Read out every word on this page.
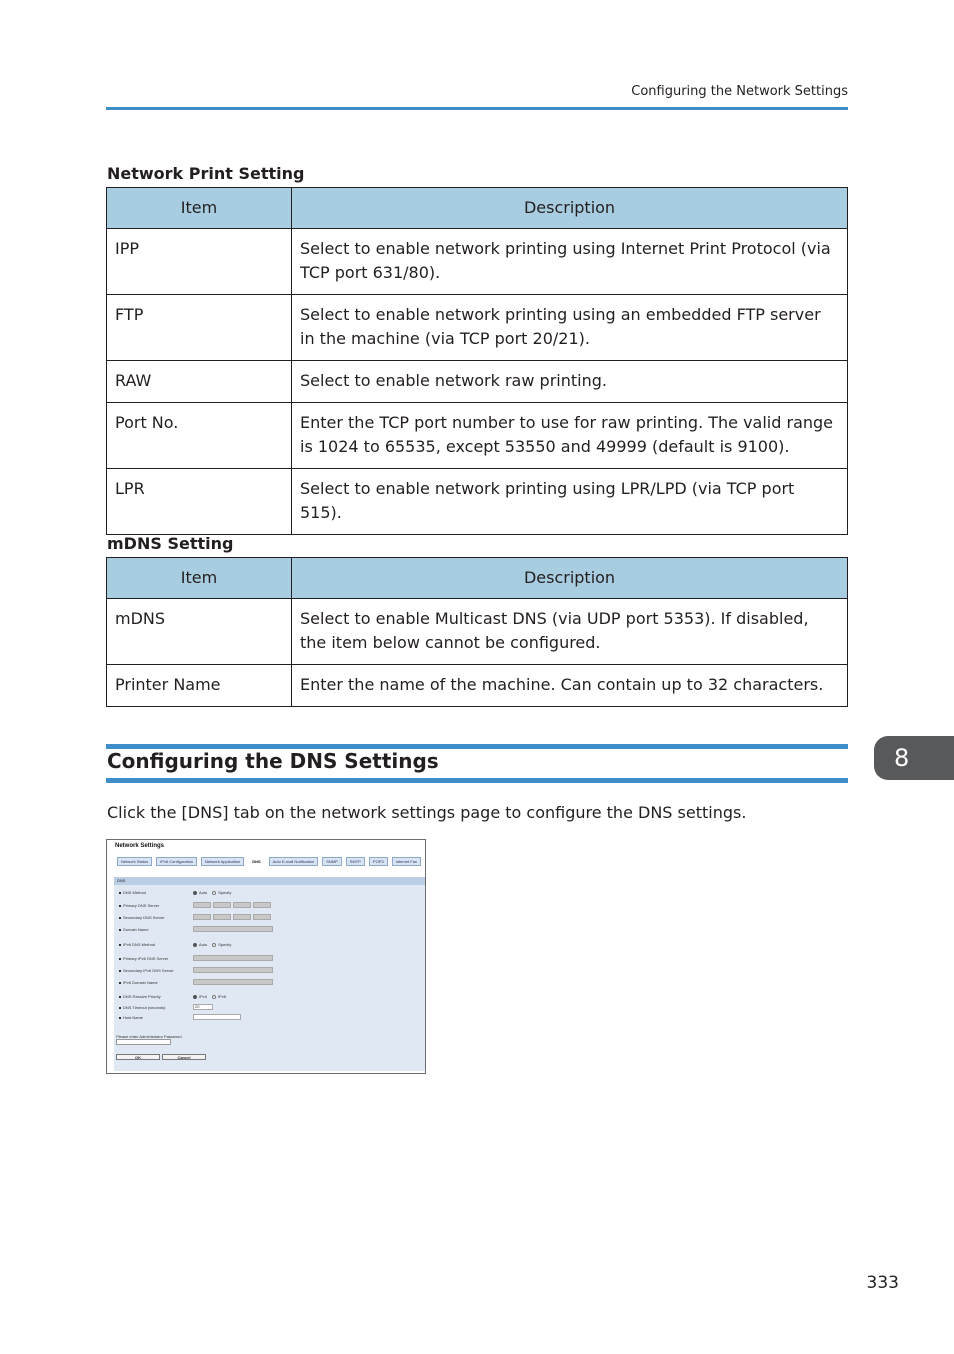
Configuring the Network Settings
Network Print Setting
Item	Description
IPP	Select to enable network printing using Internet Print Protocol (via TCP port 631/80).
FTP	Select to enable network printing using an embedded FTP server in the machine (via TCP port 20/21).
RAW	Select to enable network raw printing.
Port No.	Enter the TCP port number to use for raw printing. The valid range is 1024 to 65535, except 53550 and 49999 (default is 9100).
LPR	Select to enable network printing using LPR/LPD (via TCP port 515).
mDNS Setting
Item	Description
mDNS	Select to enable Multicast DNS (via UDP port 5353). If disabled, the item below cannot be configured.
Printer Name	Enter the name of the machine. Can contain up to 32 characters.
Configuring the DNS Settings	8
Click the [DNS] tab on the network settings page to configure the DNS settings.
Network Settings
Network Status	IPv6 Configuration	Network Application	DNS	Auto E-mail Notification	SNMP	SMTP	POP3	Internet Fax
DNS
DNS Method	Auto	Specify
Primary DNS Server
Secondary DNS Server
Domain Name
IPv6 DNS Method	Auto	Specify
Primary IPv6 DNS Server
Secondary IPv6 DNS Server
IPv6 Domain Name
DNS Resolve Priority	IPv4	IPv6
DNS Timeout (seconds)	20
Host Name
Please enter Administrator Password
OK	Cancel
333
